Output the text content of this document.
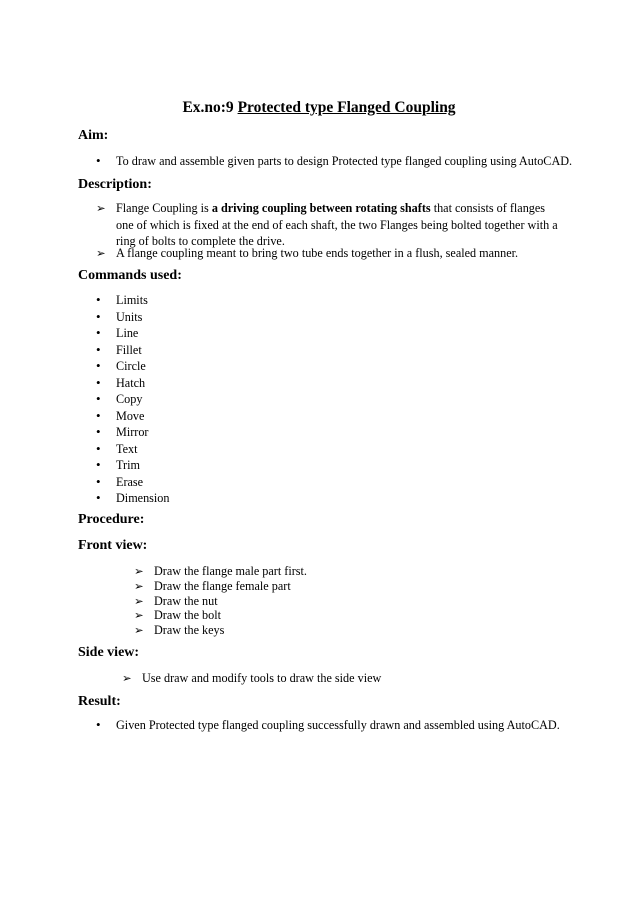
Ex.no:9 Protected type Flanged Coupling
Aim:
•	To draw and assemble given parts to design Protected type flanged coupling using AutoCAD.
Description:
➢ Flange Coupling is a driving coupling between rotating shafts that consists of flanges one of which is fixed at the end of each shaft, the two Flanges being bolted together with a ring of bolts to complete the drive.
➢ A flange coupling meant to bring two tube ends together in a flush, sealed manner.
Commands used:
•	Limits
•	Units
•	Line
•	Fillet
•	Circle
•	Hatch
•	Copy
•	Move
•	Mirror
•	Text
•	Trim
•	Erase
•	Dimension
Procedure:
Front view:
➢ Draw the flange male part first.
➢ Draw the flange female part
➢ Draw the nut
➢ Draw the bolt
➢ Draw the keys
Side view:
➢ Use draw and modify tools to draw the side view
Result:
•	Given Protected type flanged coupling successfully drawn and assembled using AutoCAD.
